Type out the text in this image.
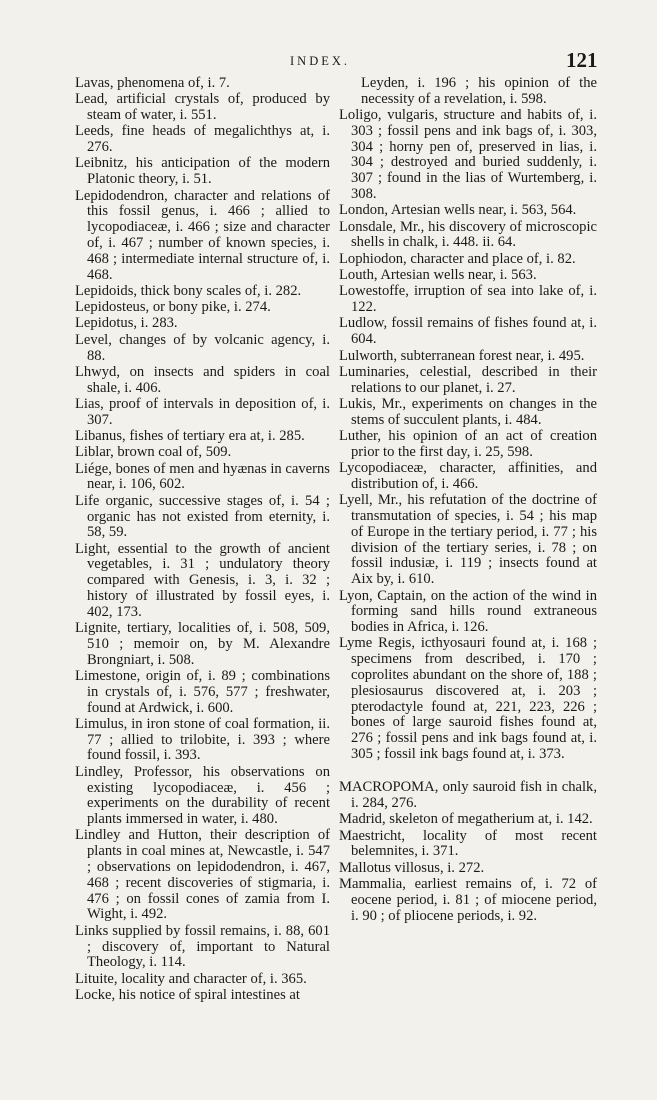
INDEX.	121

Lavas, phenomena of, i. 7.

Lead, artificial crystals of, produced by steam of water, i. 551.

Leeds, fine heads of megalichthys at, i. 276.

Leibnitz, his anticipation of the modern Platonic theory, i. 51.

Lepidodendron, character and relations of this fossil genus, i. 466 ; allied to lycopodiaceæ, i. 466 ; size and character of, i. 467 ; number of known species, i. 468 ; intermediate internal structure of, i. 468.

Lepidoids, thick bony scales of, i. 282.

Lepidosteus, or bony pike, i. 274.

Lepidotus, i. 283.

Level, changes of by volcanic agency, i. 88.

Lhwyd, on insects and spiders in coal shale, i. 406.

Lias, proof of intervals in deposition of, i. 307.

Libanus, fishes of tertiary era at, i. 285.

Liblar, brown coal of, 509.

Liége, bones of men and hyænas in caverns near, i. 106, 602.

Life organic, successive stages of, i. 54 ; organic has not existed from eternity, i. 58, 59.

Light, essential to the growth of ancient vegetables, i. 31 ; undulatory theory compared with Genesis, i. 3, i. 32 ; history of illustrated by fossil eyes, i. 402, 173.

Lignite, tertiary, localities of, i. 508, 509, 510 ; memoir on, by M. Alexandre Brongniart, i. 508.

Limestone, origin of, i. 89 ; combinations in crystals of, i. 576, 577 ; freshwater, found at Ardwick, i. 600.

Limulus, in iron stone of coal formation, ii. 77 ; allied to trilobite, i. 393 ; where found fossil, i. 393.

Lindley, Professor, his observations on existing lycopodiaceæ, i. 456 ; experiments on the durability of recent plants immersed in water, i. 480.

Lindley and Hutton, their description of plants in coal mines at, Newcastle, i. 547 ; observations on lepidodendron, i. 467, 468 ; recent discoveries of stigmaria, i. 476 ; on fossil cones of zamia from I. Wight, i. 492.

Links supplied by fossil remains, i. 88, 601 ; discovery of, important to Natural Theology, i. 114.

Lituite, locality and character of, i. 365.

Locke, his notice of spiral intestines at

Leyden, i. 196 ; his opinion of the necessity of a revelation, i. 598.

Loligo, vulgaris, structure and habits of, i. 303 ; fossil pens and ink bags of, i. 303, 304 ; horny pen of, preserved in lias, i. 304 ; destroyed and buried suddenly, i. 307 ; found in the lias of Wurtemberg, i. 308.

London, Artesian wells near, i. 563, 564.

Lonsdale, Mr., his discovery of microscopic shells in chalk, i. 448. ii. 64.

Lophiodon, character and place of, i. 82.

Louth, Artesian wells near, i. 563.

Lowestoffe, irruption of sea into lake of, i. 122.

Ludlow, fossil remains of fishes found at, i. 604.

Lulworth, subterranean forest near, i. 495.

Luminaries, celestial, described in their relations to our planet, i. 27.

Lukis, Mr., experiments on changes in the stems of succulent plants, i. 484.

Luther, his opinion of an act of creation prior to the first day, i. 25, 598.

Lycopodiaceæ, character, affinities, and distribution of, i. 466.

Lyell, Mr., his refutation of the doctrine of transmutation of species, i. 54 ; his map of Europe in the tertiary period, i. 77 ; his division of the tertiary series, i. 78 ; on fossil indusiæ, i. 119 ; insects found at Aix by, i. 610.

Lyon, Captain, on the action of the wind in forming sand hills round extraneous bodies in Africa, i. 126.

Lyme Regis, icthyosauri found at, i. 168 ; specimens from described, i. 170 ; coprolites abundant on the shore of, 188 ; plesiosaurus discovered at, i. 203 ; pterodactyle found at, 221, 223, 226 ; bones of large sauroid fishes found at, 276 ; fossil pens and ink bags found at, i. 305 ; fossil ink bags found at, i. 373.

MACROPOMA, only sauroid fish in chalk, i. 284, 276.

Madrid, skeleton of megatherium at, i. 142.

Maestricht, locality of most recent belemnites, i. 371.

Mallotus villosus, i. 272.

Mammalia, earliest remains of, i. 72 of eocene period, i. 81 ; of miocene period, i. 90 ; of pliocene periods, i. 92.
